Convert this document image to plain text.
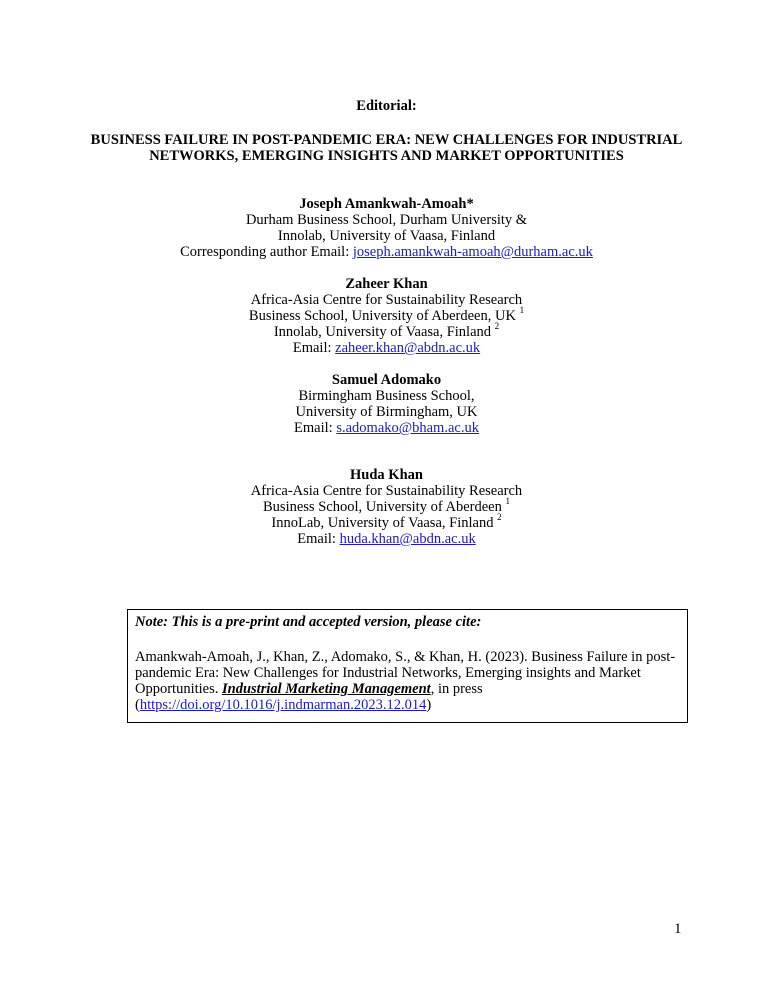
Editorial:
BUSINESS FAILURE IN POST-PANDEMIC ERA: NEW CHALLENGES FOR INDUSTRIAL
NETWORKS, EMERGING INSIGHTS AND MARKET OPPORTUNITIES
Joseph Amankwah-Amoah*
Durham Business School, Durham University &
Innolab, University of Vaasa, Finland
Corresponding author Email: joseph.amankwah-amoah@durham.ac.uk
Zaheer Khan
Africa-Asia Centre for Sustainability Research
Business School, University of Aberdeen, UK $^1$
Innolab, University of Vaasa, Finland $^2$
Email: zaheer.khan@abdn.ac.uk
Samuel Adomako
Birmingham Business School,
University of Birmingham, UK
Email: s.adomako@bham.ac.uk
Huda Khan
Africa-Asia Centre for Sustainability Research
Business School, University of Aberdeen $^1$
InnoLab, University of Vaasa, Finland $^2$
Email: huda.khan@abdn.ac.uk

Note: This is a pre-print and accepted version, please cite:

Amankwah-Amoah, J., Khan, Z., Adomako, S., & Khan, H. (2023). Business Failure in post-
pandemic Era: New Challenges for Industrial Networks, Emerging insights and Market
Opportunities. Industrial Marketing Management, in press
(https://doi.org/10.1016/j.indmarman.2023.12.014)

1
